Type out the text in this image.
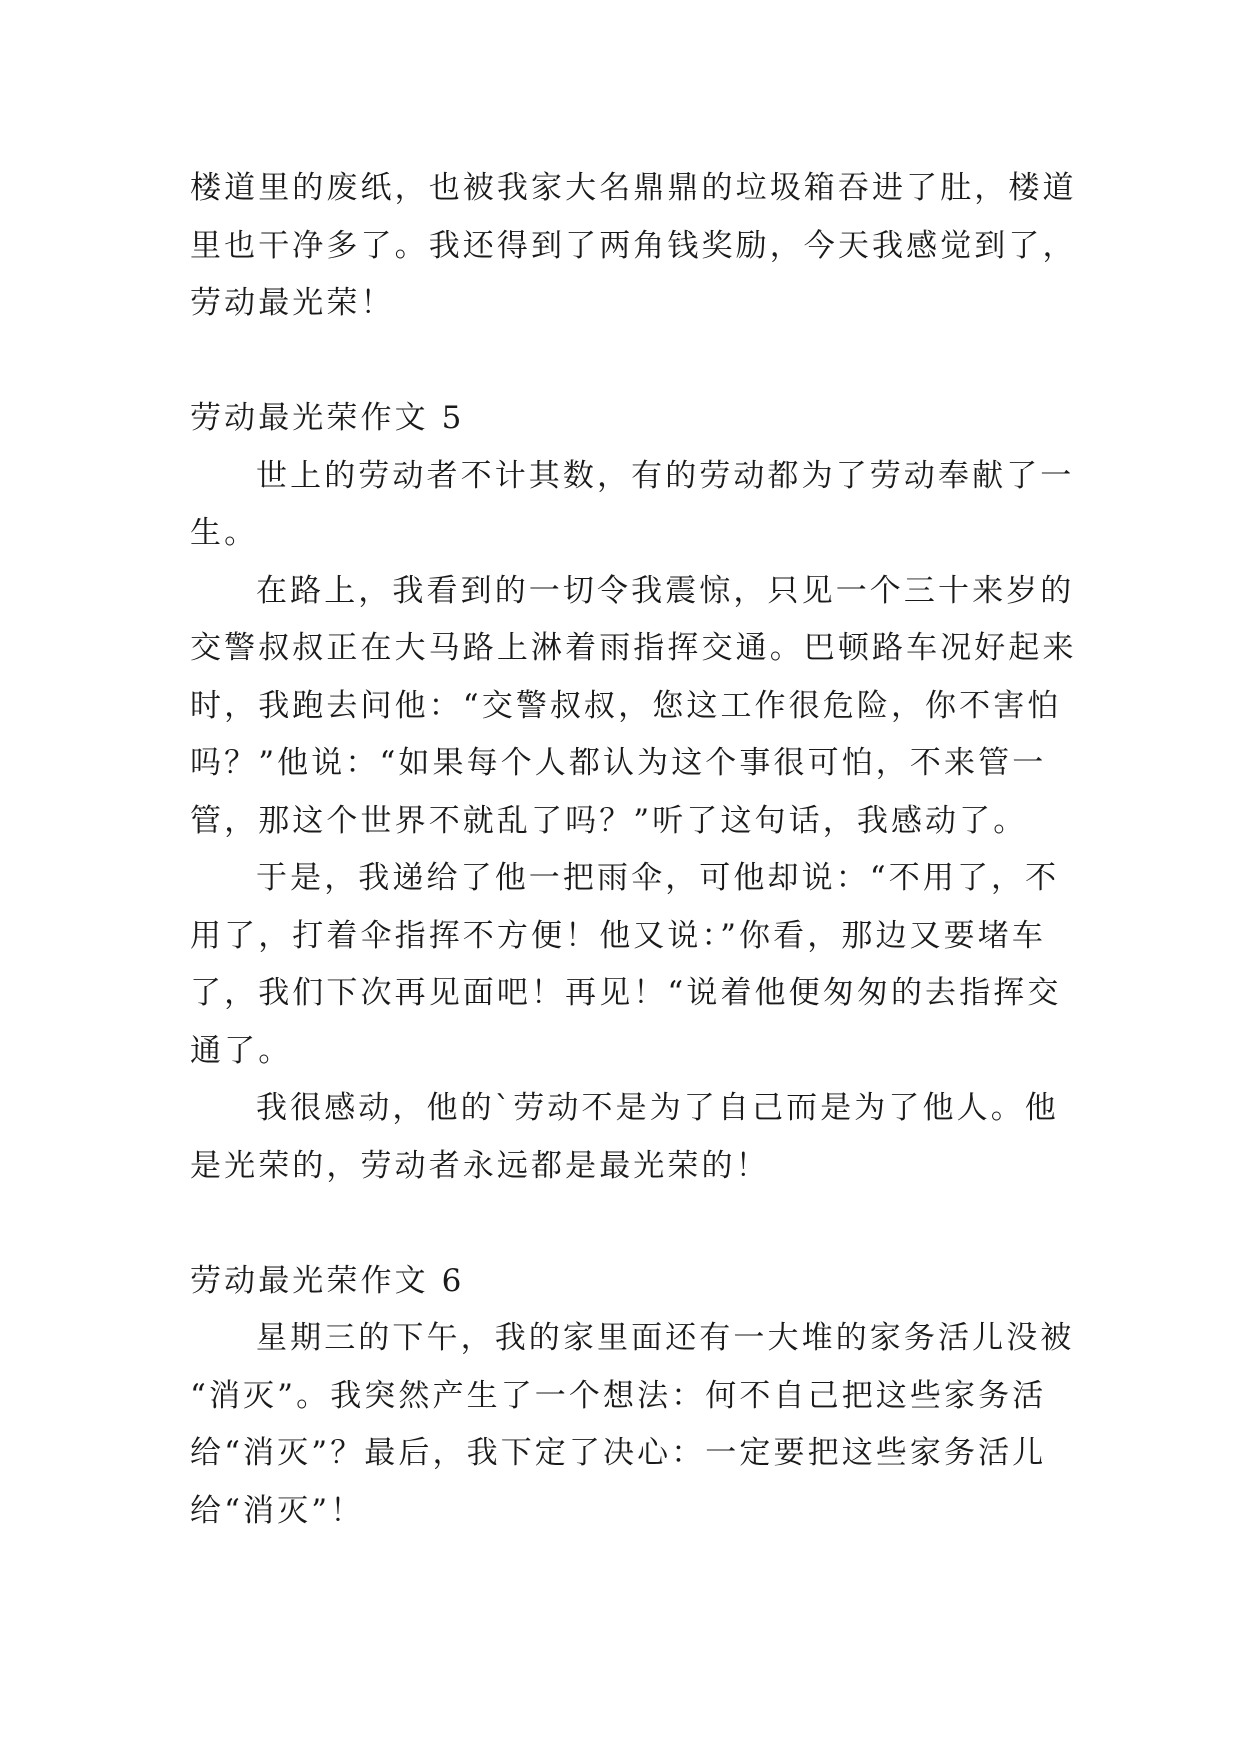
楼道里的废纸，也被我家大名鼎鼎的垃圾箱吞进了肚，楼道
里也干净多了。我还得到了两角钱奖励，今天我感觉到了，
劳动最光荣！
劳动最光荣作文 5
世上的劳动者不计其数，有的劳动都为了劳动奉献了一
生。
在路上，我看到的一切令我震惊，只见一个三十来岁的
交警叔叔正在大马路上淋着雨指挥交通。巴顿路车况好起来
时，我跑去问他：“交警叔叔，您这工作很危险，你不害怕
吗？”他说：“如果每个人都认为这个事很可怕，不来管一
管，那这个世界不就乱了吗？”听了这句话，我感动了。
于是，我递给了他一把雨伞，可他却说：“不用了，不
用了，打着伞指挥不方便！他又说：”你看，那边又要堵车
了，我们下次再见面吧！再见！“说着他便匆匆的去指挥交
通了。
我很感动，他的`劳动不是为了自己而是为了他人。他
是光荣的，劳动者永远都是最光荣的！
劳动最光荣作文 6
星期三的下午，我的家里面还有一大堆的家务活儿没被
“消灭”。我突然产生了一个想法：何不自己把这些家务活
给“消灭”？最后，我下定了决心：一定要把这些家务活儿
给“消灭”！
